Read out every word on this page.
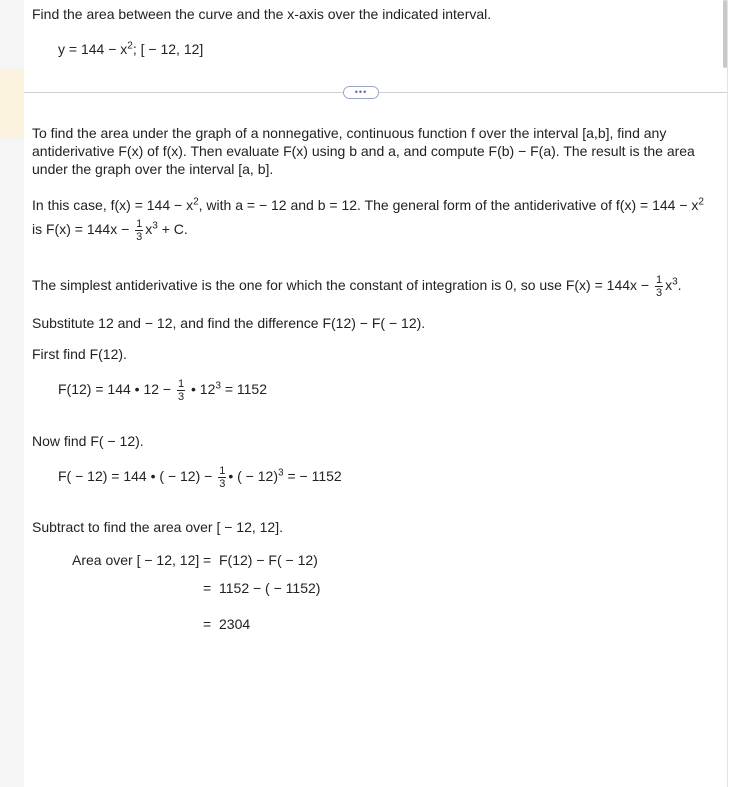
Find the area between the curve and the x-axis over the indicated interval.
$y = 144 - x^2$; [ − 12, 12]
•••
To find the area under the graph of a nonnegative, continuous function f over the interval [a,b], find any antiderivative F(x) of f(x). Then evaluate F(x) using b and a, and compute F(b) − F(a). The result is the area under the graph over the interval [a, b].
In this case, $f(x) = 144 - x^2$, with a = − 12 and b = 12. The general form of the antiderivative of $f(x) = 144 - x^2$
is $F(x) = 144x - \frac{1}{3} x^3 + C$.
The simplest antiderivative is the one for which the constant of integration is 0, so use $F(x) = 144x - \frac{1}{3} x^3$.
Substitute 12 and − 12, and find the difference F(12) − F( − 12).
First find F(12).
F(12) = 144 • $12 - \frac{1}{3}$ • $12^3 = 1152$
Now find F( − 12).
F( − 12) = 144 • ( − $12) - \frac{1}{3}$ • ( − 12)$^3$ = − 1152
Subtract to find the area over [ − 12, 12].
Area over [ − 12, 12] = F(12) − F( − 12)
= 1152 − ( − 1152)
= 2304
